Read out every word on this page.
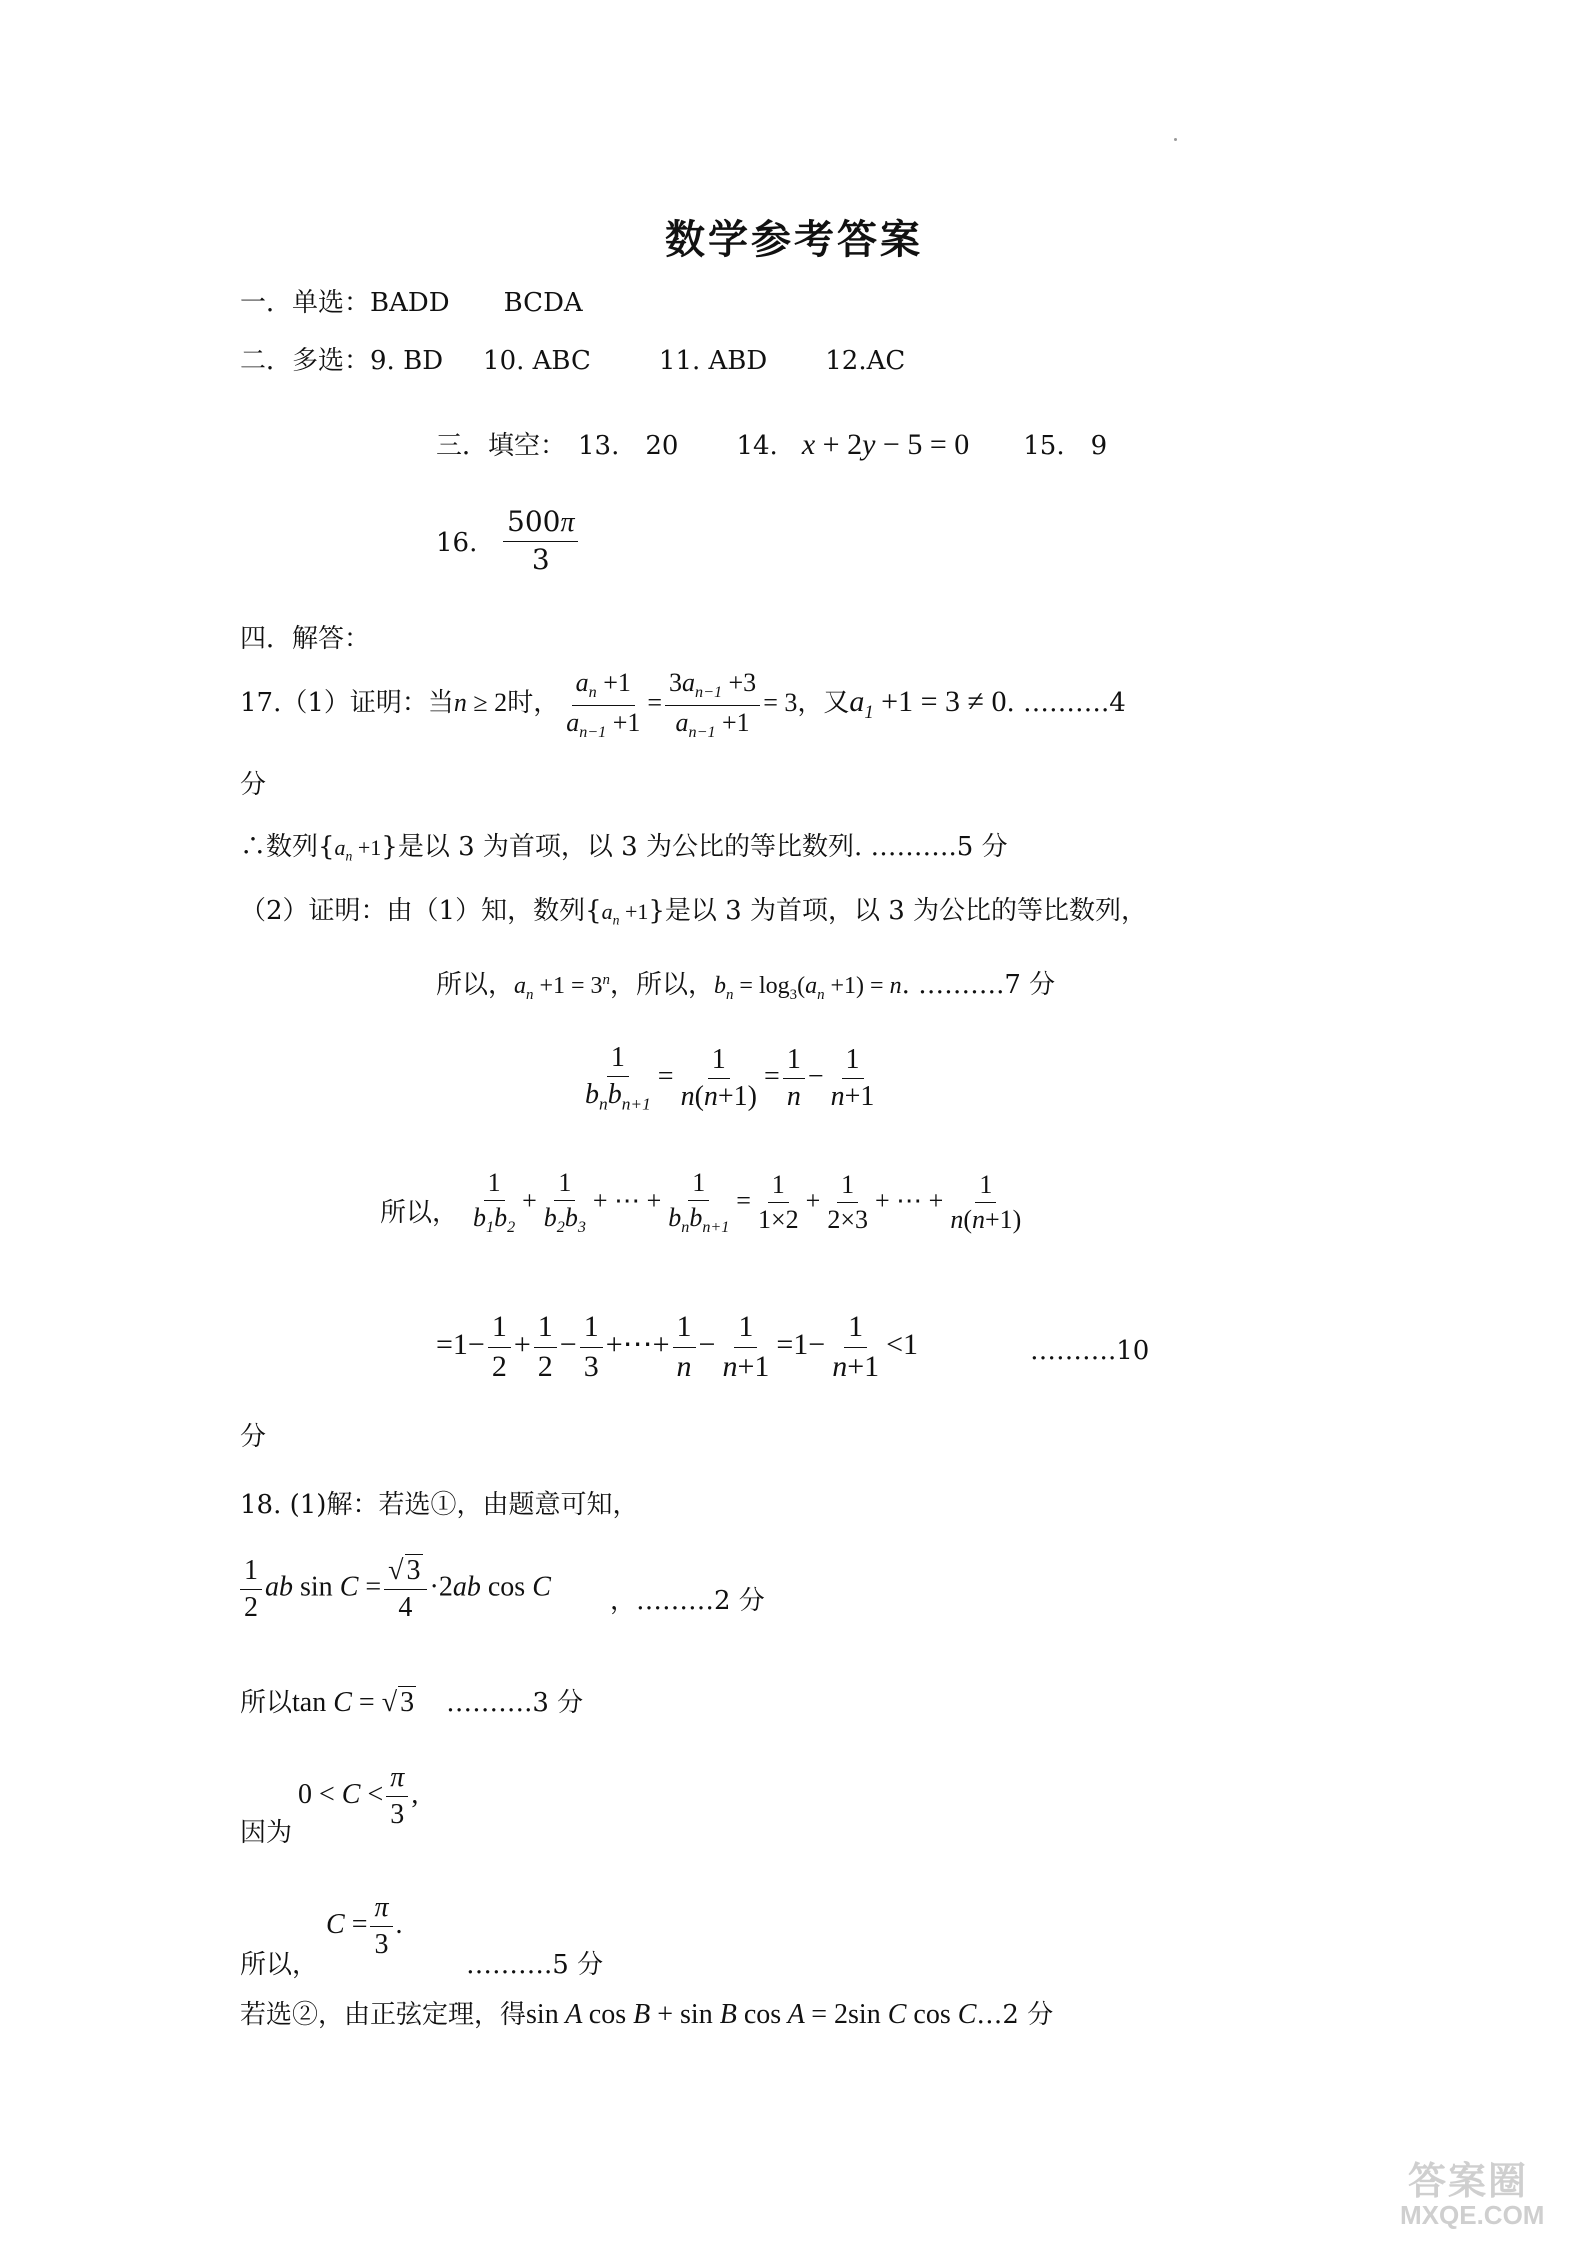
数学参考答案
一．单选：BADD BCDA
二．多选：9. BD 10. ABC	11. ABD 12.AC
三．填空： 13. 20 14. x + 2y − 5 = 0 15. 9
16. $\frac{500\pi}{3}$
四．解答：
17.（1）证明：当n ≥ 2时， $\frac{a_n +1}{a_{n-1} +1} = \frac{3a_{n-1} +3}{a_{n-1} +1} = 3$，又$a_1 +1 = 3 \ne 0$. ……….4
分
∴数列$\{a_n +1\}$是以 3 为首项，以 3 为公比的等比数列. ……….5 分
（2）证明：由（1）知，数列$\{a_n +1\}$是以 3 为首项，以 3 为公比的等比数列，
所以，$a_n +1 = 3^n$，所以，$b_n = \log_3(a_n +1) = n$. ……….7 分
$\frac{1}{b_nb_{n+1}} = \frac{1}{n(n+1)} = \frac{1}{n} - \frac{1}{n+1}$
所以， $\frac{1}{b_1b_2} + \frac{1}{b_2b_3}$ + ⋯ + $\frac{1}{b_nb_{n+1}} = \frac{1}{1\times 2} + \frac{1}{2\times 3}$ + ⋯ + $\frac{1}{n(n+1)}$
$=1- \frac{1}{2} + \frac{1}{2} - \frac{1}{3}$ +⋯+ $\frac{1}{n} - \frac{1}{n+1} =1- \frac{1}{n+1} <1$	……….10
分
18. (1)解：若选①，由题意可知，
$\frac{1}{2}$ ab $\sin C = \frac{√ 3}{4} \cdot 2ab$ cos C ，………2 分
所以tan C = √ 3 ……….3 分
因为
$0 < C < \frac{\pi}{3}$ ,
所以，
$C = \frac{\pi}{3}$ .
……….5 分
若选②，由正弦定理，得sin A cos B + sin B cos A = 2sin C cos C…2 分
答案圈
MXQE.COM
